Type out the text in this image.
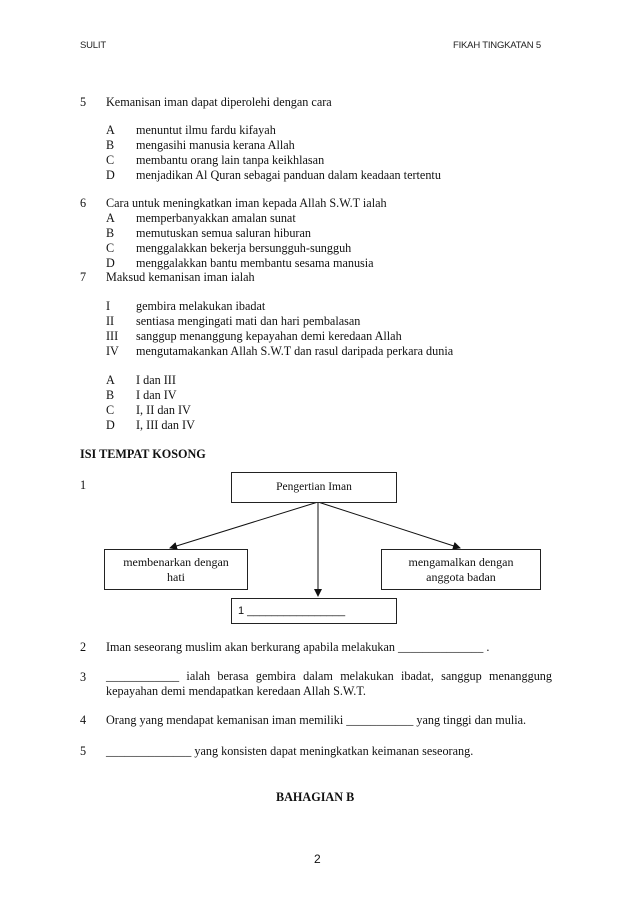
SULIT	FIKAH TINGKATAN 5
5 Kemanisan iman dapat diperolehi dengan cara
A menuntut ilmu fardu kifayah
B mengasihi manusia kerana Allah
C membantu orang lain tanpa keikhlasan
D menjadikan Al Quran sebagai panduan dalam keadaan tertentu
6 Cara untuk meningkatkan iman kepada Allah S.W.T ialah
A memperbanyakkan amalan sunat
B memutuskan semua saluran hiburan
C menggalakkan bekerja bersungguh-sungguh
D menggalakkan bantu membantu sesama manusia
7 Maksud kemanisan iman ialah
I gembira melakukan ibadat
II sentiasa mengingati mati dan hari pembalasan
III sanggup menanggung kepayahan demi keredaan Allah
IV mengutamakankan Allah S.W.T dan rasul daripada perkara dunia
A I dan III
B I dan IV
C I, II dan IV
D I, III dan IV
ISI TEMPAT KOSONG
1	Pengertian Iman
membenarkan dengan
hati
mengamalkan dengan
anggota badan
1 ________________
2 Iman seseorang muslim akan berkurang apabila melakukan ______________ .
3 ____________ ialah berasa gembira dalam melakukan ibadat, sanggup menanggung kepayahan demi mendapatkan keredaan Allah S.W.T.
4 Orang yang mendapat kemanisan iman memiliki ___________ yang tinggi dan mulia.
5 ______________ yang konsisten dapat meningkatkan keimanan seseorang.
BAHAGIAN B
2
